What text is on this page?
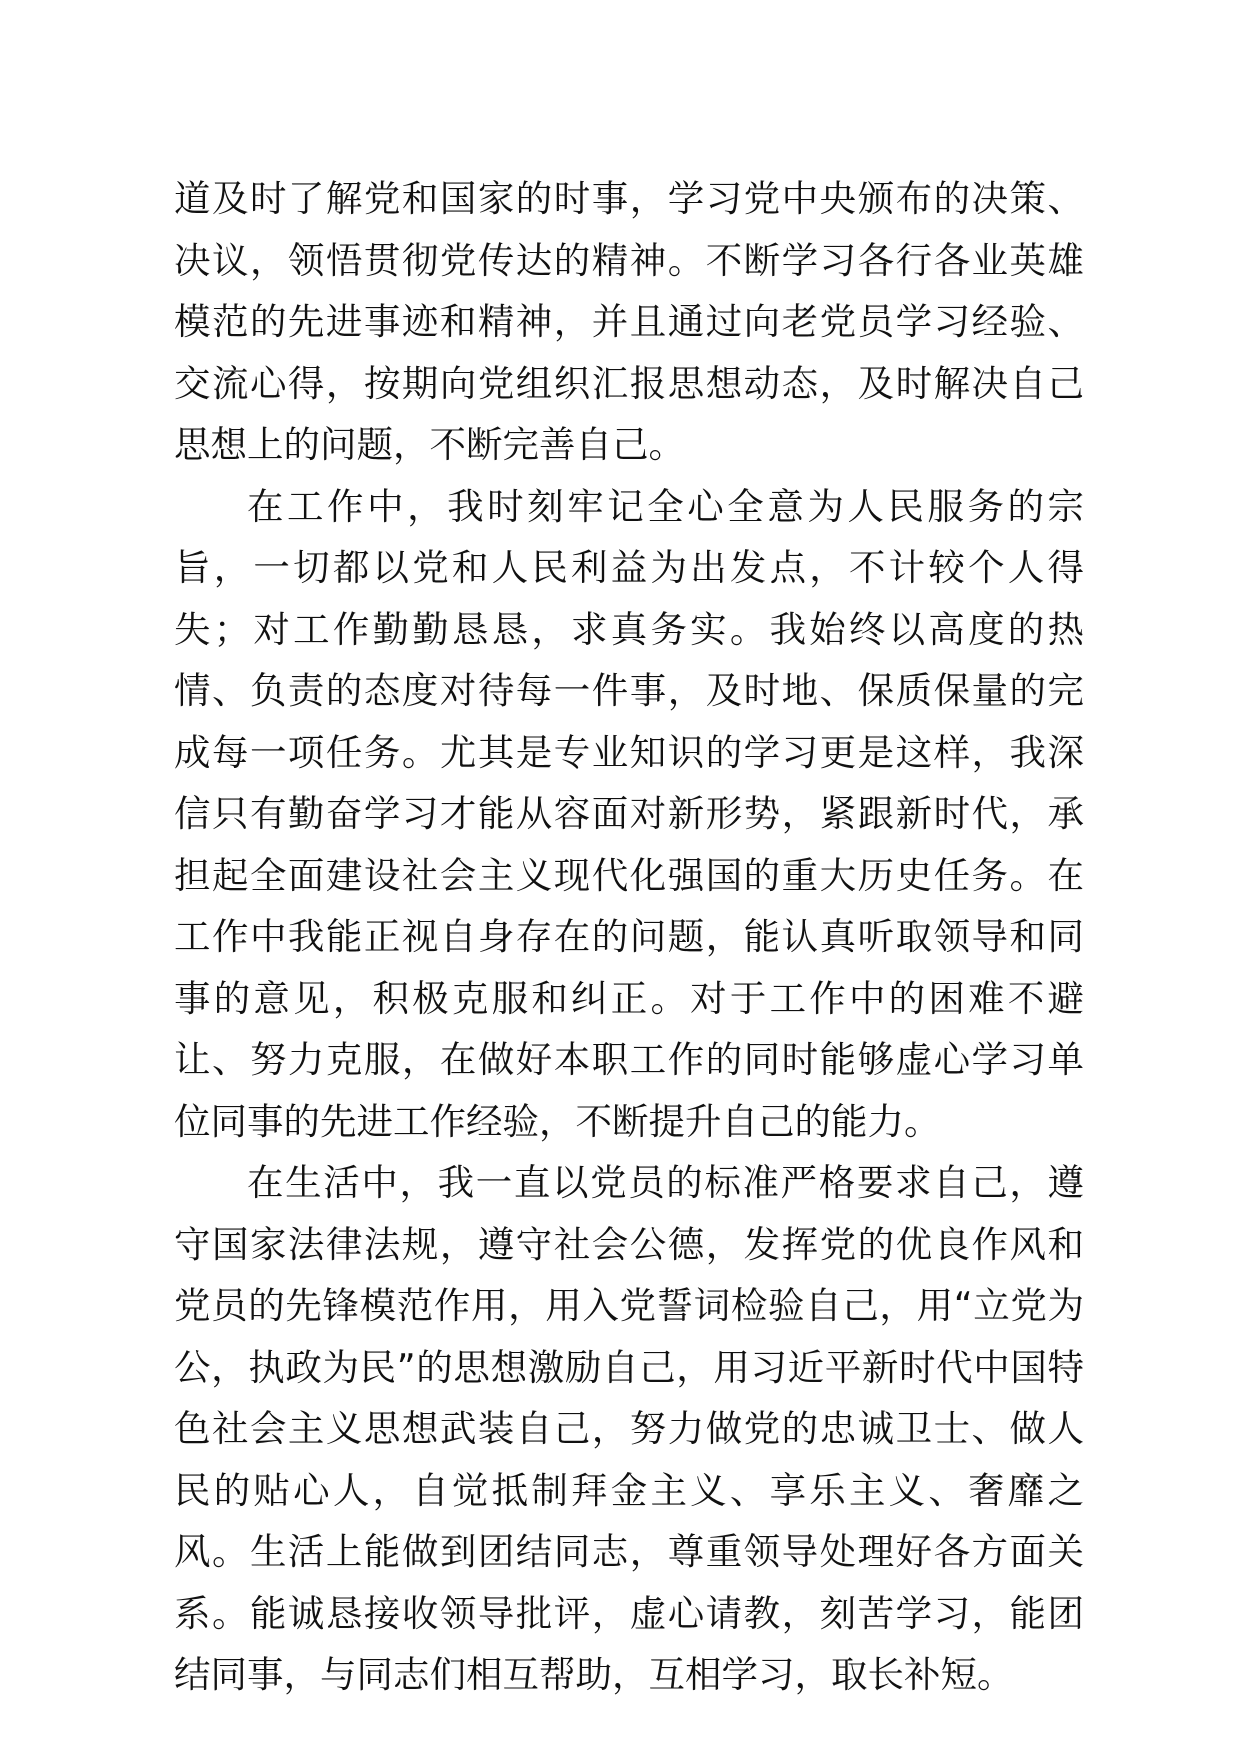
道及时了解党和国家的时事，学习党中央颁布的决策、决议，领悟贯彻党传达的精神。不断学习各行各业英雄模范的先进事迹和精神，并且通过向老党员学习经验、交流心得，按期向党组织汇报思想动态，及时解决自己思想上的问题，不断完善自己。

在工作中，我时刻牢记全心全意为人民服务的宗旨，一切都以党和人民利益为出发点，不计较个人得失；对工作勤勤恳恳，求真务实。我始终以高度的热情、负责的态度对待每一件事，及时地、保质保量的完成每一项任务。尤其是专业知识的学习更是这样，我深信只有勤奋学习才能从容面对新形势，紧跟新时代，承担起全面建设社会主义现代化强国的重大历史任务。在工作中我能正视自身存在的问题，能认真听取领导和同事的意见，积极克服和纠正。对于工作中的困难不避让、努力克服，在做好本职工作的同时能够虚心学习单位同事的先进工作经验，不断提升自己的能力。

在生活中，我一直以党员的标准严格要求自己，遵守国家法律法规，遵守社会公德，发挥党的优良作风和党员的先锋模范作用，用入党誓词检验自己，用“立党为公，执政为民”的思想激励自己，用习近平新时代中国特色社会主义思想武装自己，努力做党的忠诚卫士、做人民的贴心人，自觉抵制拜金主义、享乐主义、奢靡之风。生活上能做到团结同志，尊重领导处理好各方面关系。能诚恳接收领导批评，虚心请教，刻苦学习，能团结同事，与同志们相互帮助，互相学习，取长补短。
